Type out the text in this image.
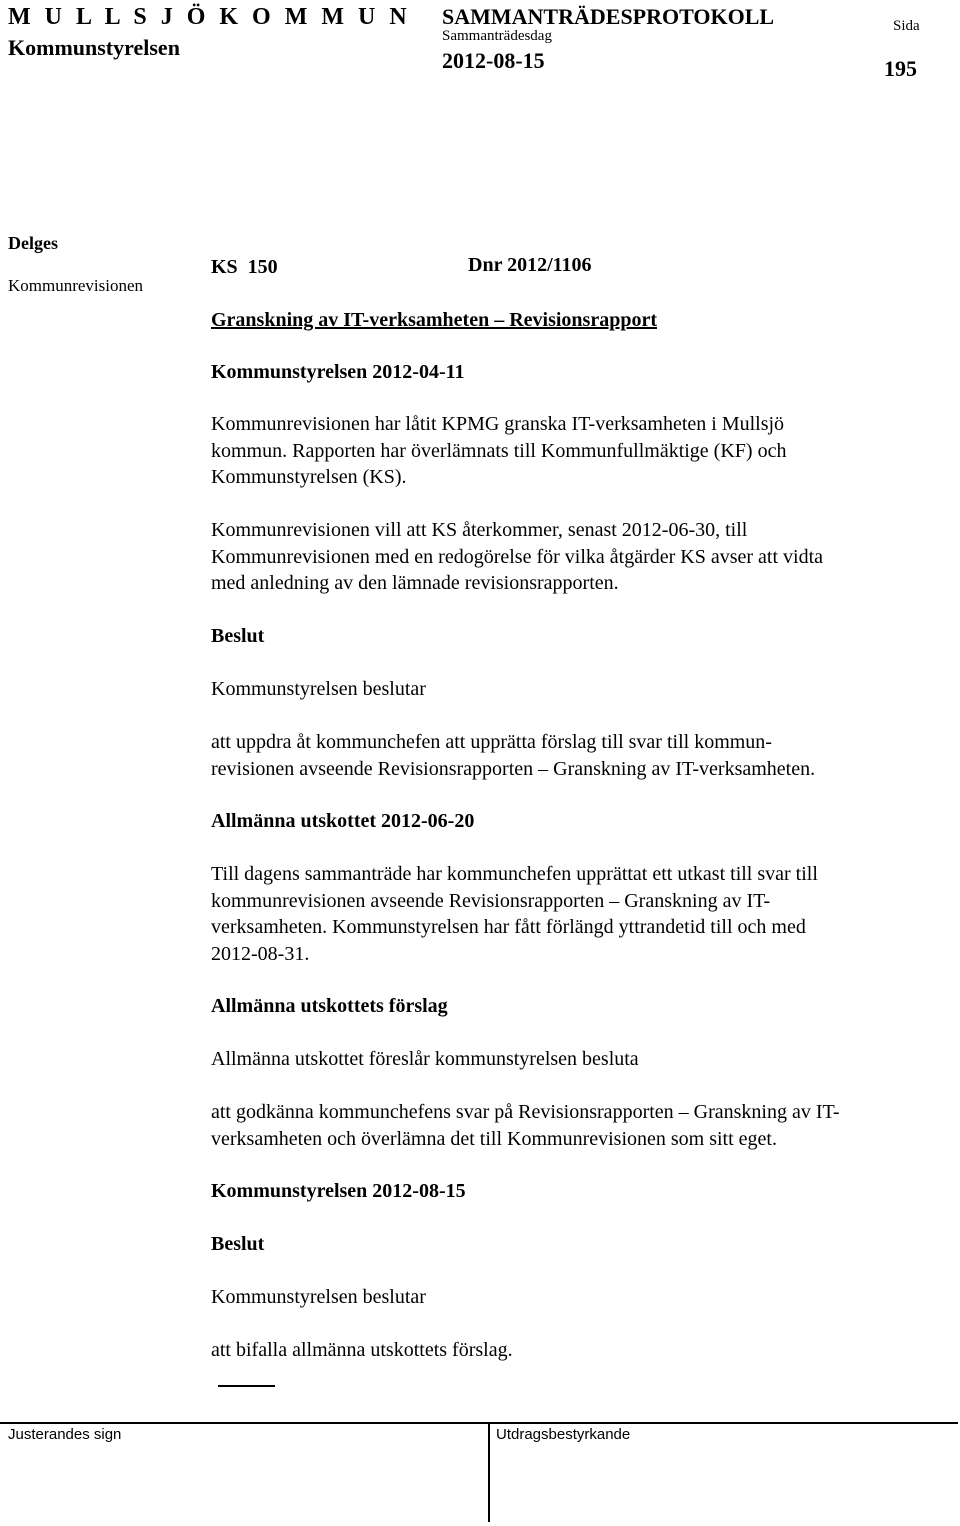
M U L L S J Ö K O M M U N
Kommunstyrelsen
SAMMANTRÄDESPROTOKOLL
Sammanträdesdag
2012-08-15
Sida
195
Delges
Kommunrevisionen
KS  150	Dnr 2012/1106
Granskning av IT-verksamheten – Revisionsrapport
Kommunstyrelsen 2012-04-11
Kommunrevisionen har låtit KPMG granska IT-verksamheten i Mullsjö
kommun. Rapporten har överlämnats till Kommunfullmäktige (KF) och
Kommunstyrelsen (KS).
Kommunrevisionen vill att KS återkommer, senast 2012-06-30, till
Kommunrevisionen med en redogörelse för vilka åtgärder KS avser att vidta
med anledning av den lämnade revisionsrapporten.
Beslut
Kommunstyrelsen beslutar
att uppdra åt kommunchefen att upprätta förslag till svar till kommun-
revisionen avseende Revisionsrapporten – Granskning av IT-verksamheten.
Allmänna utskottet 2012-06-20
Till dagens sammanträde har kommunchefen upprättat ett utkast till svar till
kommunrevisionen avseende Revisionsrapporten – Granskning av IT-
verksamheten. Kommunstyrelsen har fått förlängd yttrandetid till och med
2012-08-31.
Allmänna utskottets förslag
Allmänna utskottet föreslår kommunstyrelsen besluta
att godkänna kommunchefens svar på Revisionsrapporten – Granskning av IT-
verksamheten och överlämna det till Kommunrevisionen som sitt eget.
Kommunstyrelsen 2012-08-15
Beslut
Kommunstyrelsen beslutar
att bifalla allmänna utskottets förslag.
Justerandes sign	Utdragsbestyrkande
